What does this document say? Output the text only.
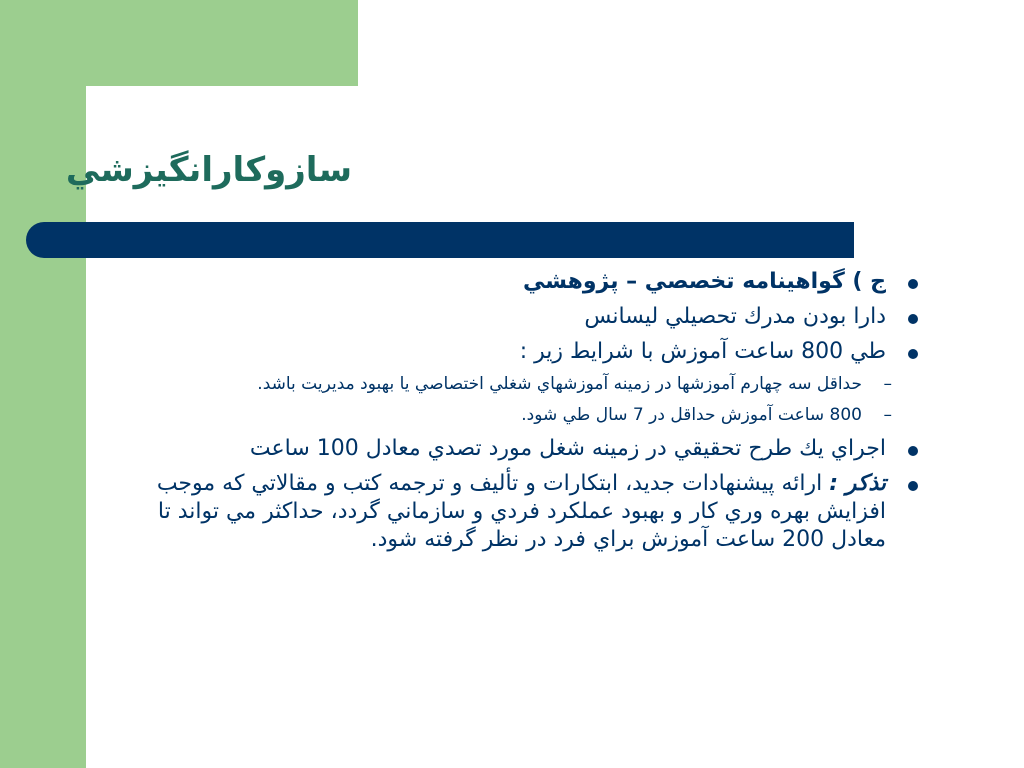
سازوكارانگيزشي
ج ) گواهينامه تخصصي – پژوهشي
دارا بودن مدرك تحصيلي ليسانس
طي 800 ساعت آموزش با شرايط زير :
– حداقل سه چهارم آموزشها در زمينه آموزشهاي شغلي اختصاصي يا بهبود مديريت باشد.
– 800 ساعت آموزش حداقل در 7 سال طي شود.
اجراي يك طرح تحقيقي در زمينه شغل مورد تصدي معادل 100 ساعت
تذكر : ارائه پيشنهادات جديد، ابتكارات و تأليف و ترجمه كتب و مقالاتي كه موجب افزايش بهره وري كار و بهبود عملكرد فردي و سازماني گردد، حداكثر مي تواند تا معادل 200 ساعت آموزش براي فرد در نظر گرفته شود.
